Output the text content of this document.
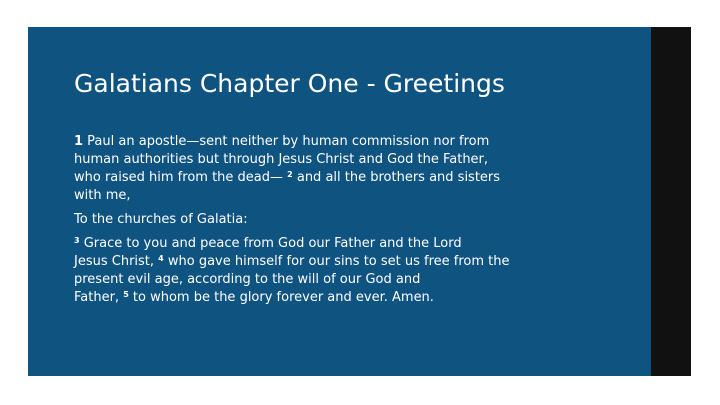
Galatians Chapter One - Greetings

1 Paul an apostle—sent neither by human commission nor from
human authorities but through Jesus Christ and God the Father,
who raised him from the dead— $^2$ and all the brothers and sisters
with me,

To the churches of Galatia:

$^3$ Grace to you and peace from God our Father and the Lord
Jesus Christ, $^4$ who gave himself for our sins to set us free from the
present evil age, according to the will of our God and
Father, $^5$ to whom be the glory forever and ever. Amen.
